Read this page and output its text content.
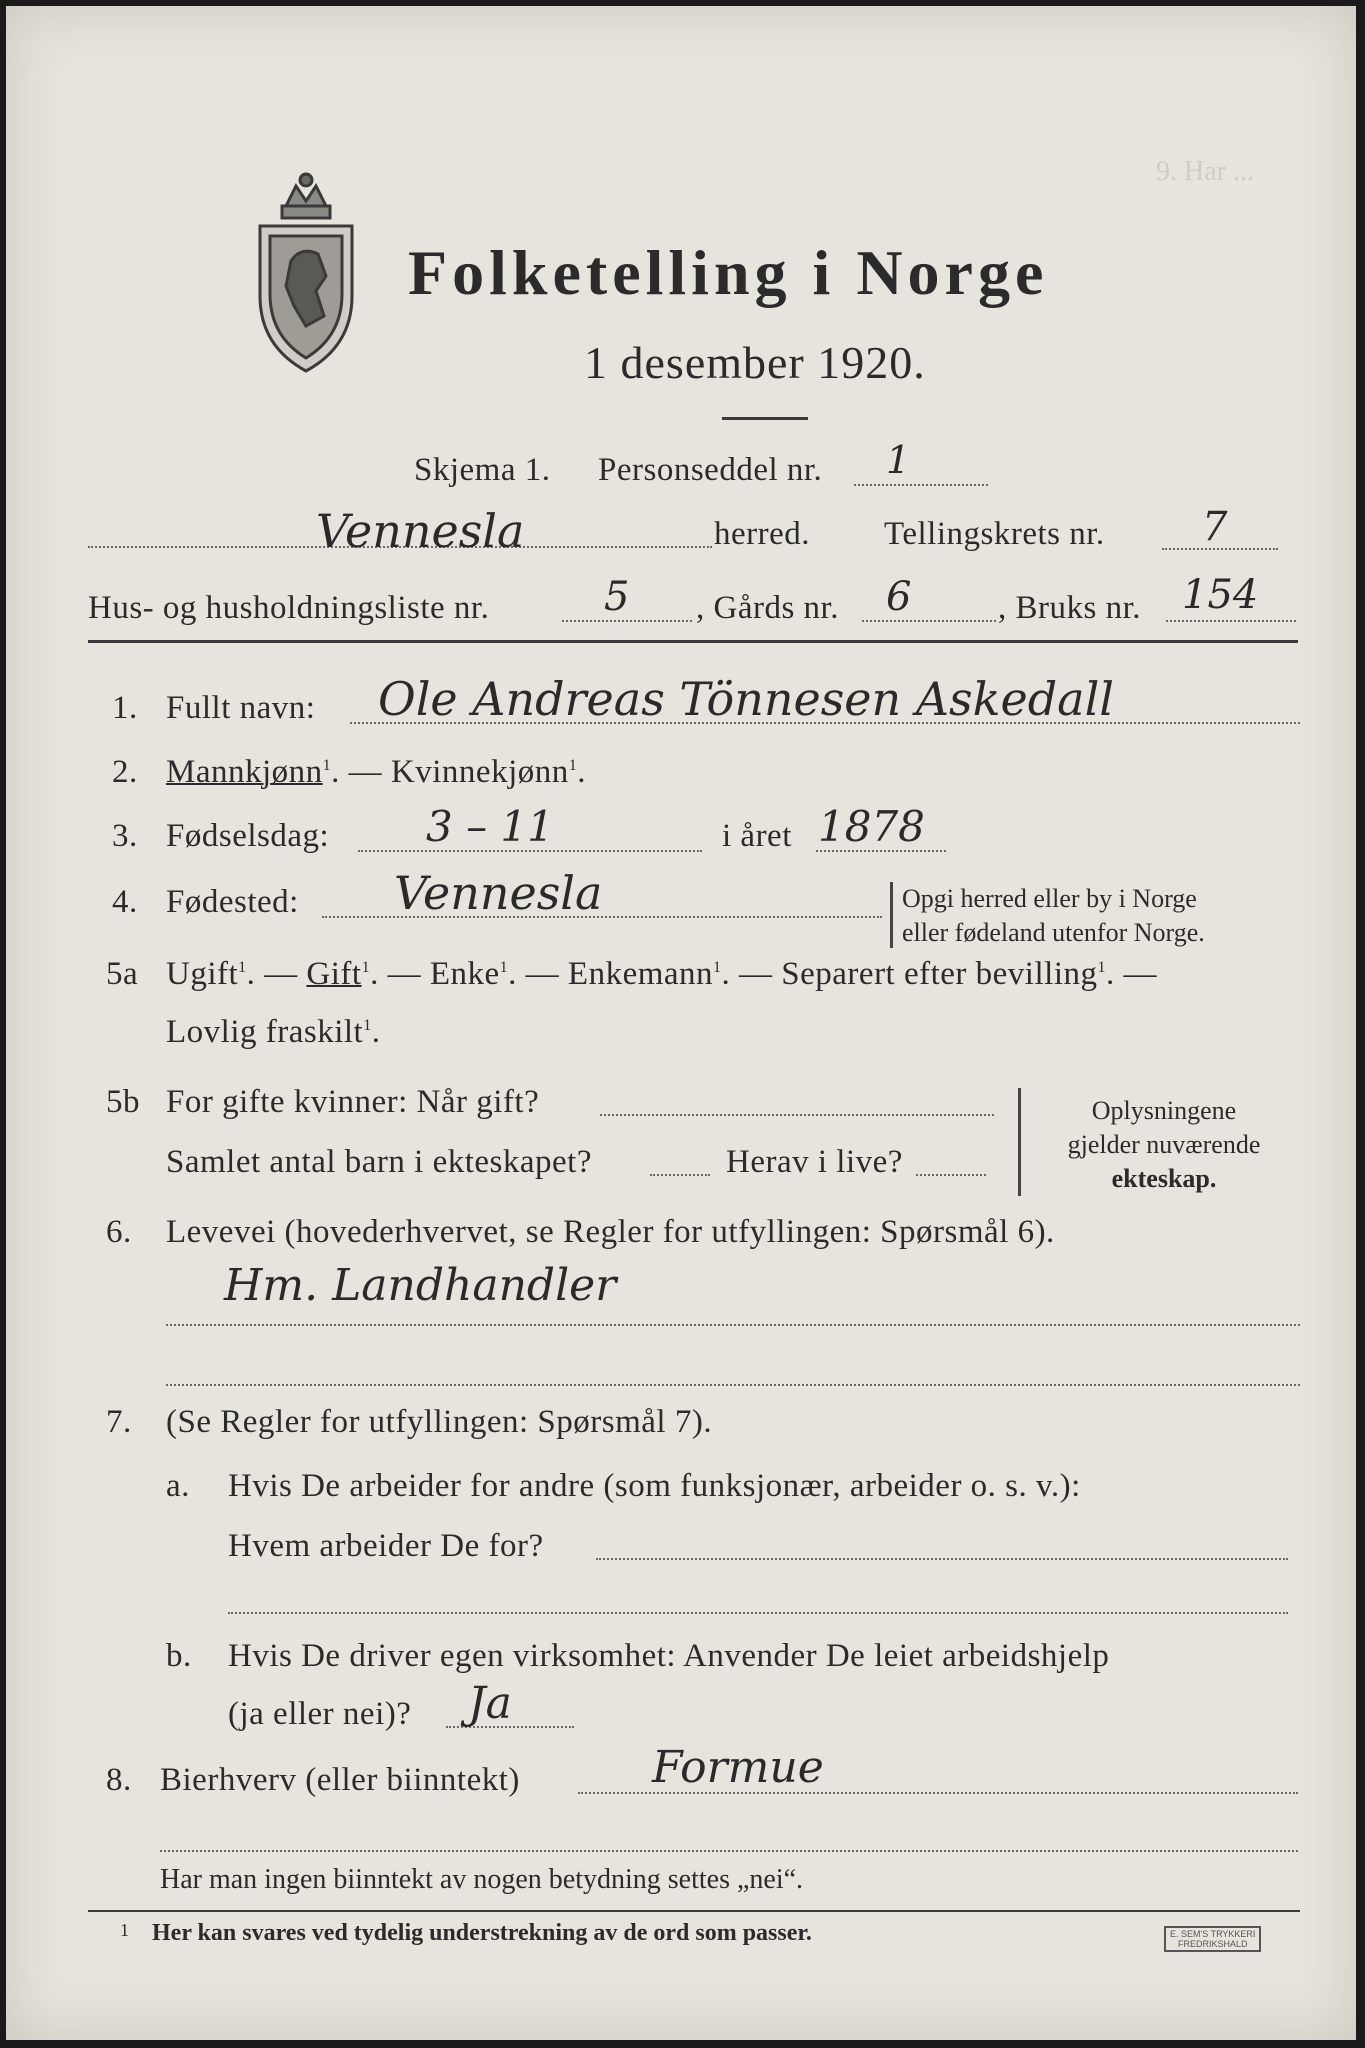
9. Har ...
Folketelling i Norge
1 desember 1920.
Skjema 1. Personseddel nr. 1
Vennesla	herred. Tellingskrets nr. 7
Hus- og husholdningsliste nr.	5 , Gårds nr. 6	, Bruks nr. 154
1. Fullt navn: Ole Andreas Tönnesen Askedall
2. Mannkjønn$^1$. — Kvinnekjønn$^1$.
3. Fødselsdag: 3 – 11	i året 1878
4. Fødested: Vennesla	Opgi herred eller by i Norge
eller fødeland utenfor Norge.
5a Ugift$^1$. — Gift$^1$. — Enke$^1$. — Enkemann$^1$. — Separert efter bevilling$^1$. —
Lovlig fraskilt$^1$.
5b For gifte kvinner: Når gift?
Samlet antal barn i ekteskapet?	Herav i live?
Oplysningene
gjelder nuværende
ekteskap.
6. Levevei (hovederhvervet, se Regler for utfyllingen: Spørsmål 6).
Hm. Landhandler
7. (Se Regler for utfyllingen: Spørsmål 7).
a. Hvis De arbeider for andre (som funksjonær, arbeider o. s. v.):
Hvem arbeider De for?
b. Hvis De driver egen virksomhet: Anvender De leiet arbeidshjelp
(ja eller nei)? Ja
8. Bierhverv (eller biinntekt)	Formue
Har man ingen biinntekt av nogen betydning settes „nei“.
1 Her kan svares ved tydelig understrekning av de ord som passer.	E. SEM'S TRYKKERI
FREDRIKSHALD
